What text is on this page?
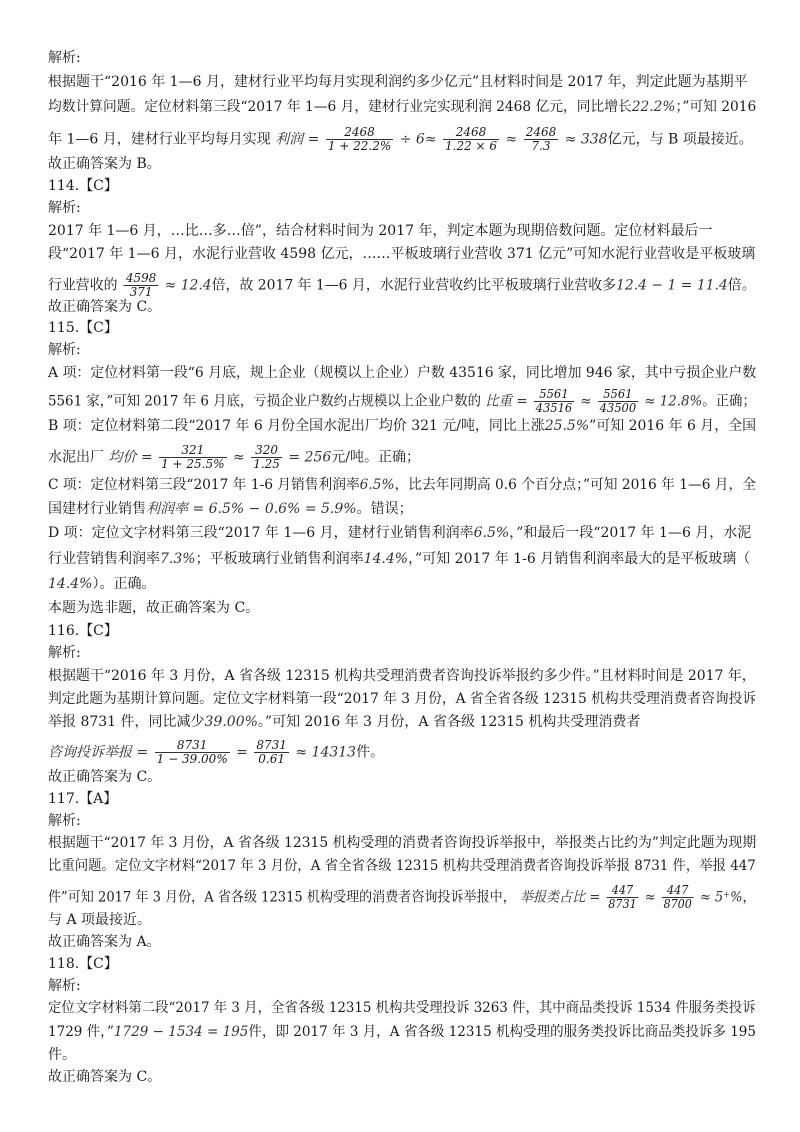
解析:
根据题干“2016 年 1—6 月，建材行业平均每月实现利润约多少亿元”且材料时间是 2017 年，判定此题为基期平
均数计算问题。定位材料第三段“2017 年 1—6 月，建材行业完实现利润 2468 亿元，同比增长22.2%；”可知 2016
年 1—6 月，建材行业平均每月实现 利润 = $\frac{2468}{1 + 22.2\%} \div 6\approx \frac{2468}{1.22 \times 6} \approx \frac{2468}{7.3} \approx 338$亿元，与 B 项最接近。
故正确答案为 B。
114.【C】
解析:
2017 年 1—6 月，…比…多…倍”，结合材料时间为 2017 年，判定本题为现期倍数问题。定位材料最后一
段“2017 年 1—6 月，水泥行业营收 4598 亿元，……平板玻璃行业营收 371 亿元”可知水泥行业营收是平板玻璃
行业营收的 $\frac{4598}{371} \approx 12.4$倍，故 2017 年 1—6 月，水泥行业营收约比平板玻璃行业营收多12.4 − 1 = 11.4倍。
故正确答案为 C。
115.【C】
解析:
A 项：定位材料第一段“6 月底，规上企业（规模以上企业）户数 43516 家，同比增加 946 家，其中亏损企业户数
5561 家，”可知 2017 年 6 月底，亏损企业户数约占规模以上企业户数的 比重 = $\frac{5561}{43516} \approx \frac{5561}{43500} \approx 12.8\%$。正确；
B 项：定位材料第二段“2017 年 6 月份全国水泥出厂均价 321 元/吨，同比上涨25.5%”可知 2016 年 6 月，全国
水泥出厂 均价 = $\frac{321}{1 + 25.5\%} \approx \frac{320}{1.25} = 256$元/吨。正确；
C 项：定位材料第三段“2017 年 1-6 月销售利润率6.5%，比去年同期高 0.6 个百分点；”可知 2016 年 1—6 月，全
国建材行业销售利润率 = 6.5% − 0.6% = 5.9%。错误；
D 项：定位文字材料第三段“2017 年 1—6 月，建材行业销售利润率6.5%，”和最后一段“2017 年 1—6 月，水泥
行业营销售利润率7.3%；平板玻璃行业销售利润率14.4%，”可知 2017 年 1-6 月销售利润率最大的是平板玻璃（
14.4%）。正确。
本题为选非题，故正确答案为 C。
116.【C】
解析:
根据题干“2016 年 3 月份，A 省各级 12315 机构共受理消费者咨询投诉举报约多少件。”且材料时间是 2017 年，
判定此题为基期计算问题。定位文字材料第一段“2017 年 3 月份，A 省全省各级 12315 机构共受理消费者咨询投诉
举报 8731 件，同比减少39.00%。”可知 2016 年 3 月份，A 省各级 12315 机构共受理消费者
咨询投诉举报 = $\frac{8731}{1 - 39.00\%} = \frac{8731}{0.61} \approx 14313$件。
故正确答案为 C。
117.【A】
解析:
根据题干“2017 年 3 月份，A 省各级 12315 机构受理的消费者咨询投诉举报中，举报类占比约为”判定此题为现期
比重问题。定位文字材料“2017 年 3 月份，A 省全省各级 12315 机构共受理消费者咨询投诉举报 8731 件，举报 447
件”可知 2017 年 3 月份，A 省各级 12315 机构受理的消费者咨询投诉举报中， 举报类占比 = $\frac{447}{8731} \approx \frac{447}{8700} \approx 5^+\%$，
与 A 项最接近。
故正确答案为 A。
118.【C】
解析:
定位文字材料第二段“2017 年 3 月，全省各级 12315 机构共受理投诉 3263 件，其中商品类投诉 1534 件服务类投诉
1729 件，”1729 − 1534 = 195件，即 2017 年 3 月，A 省各级 12315 机构受理的服务类投诉比商品类投诉多 195
件。
故正确答案为 C。
